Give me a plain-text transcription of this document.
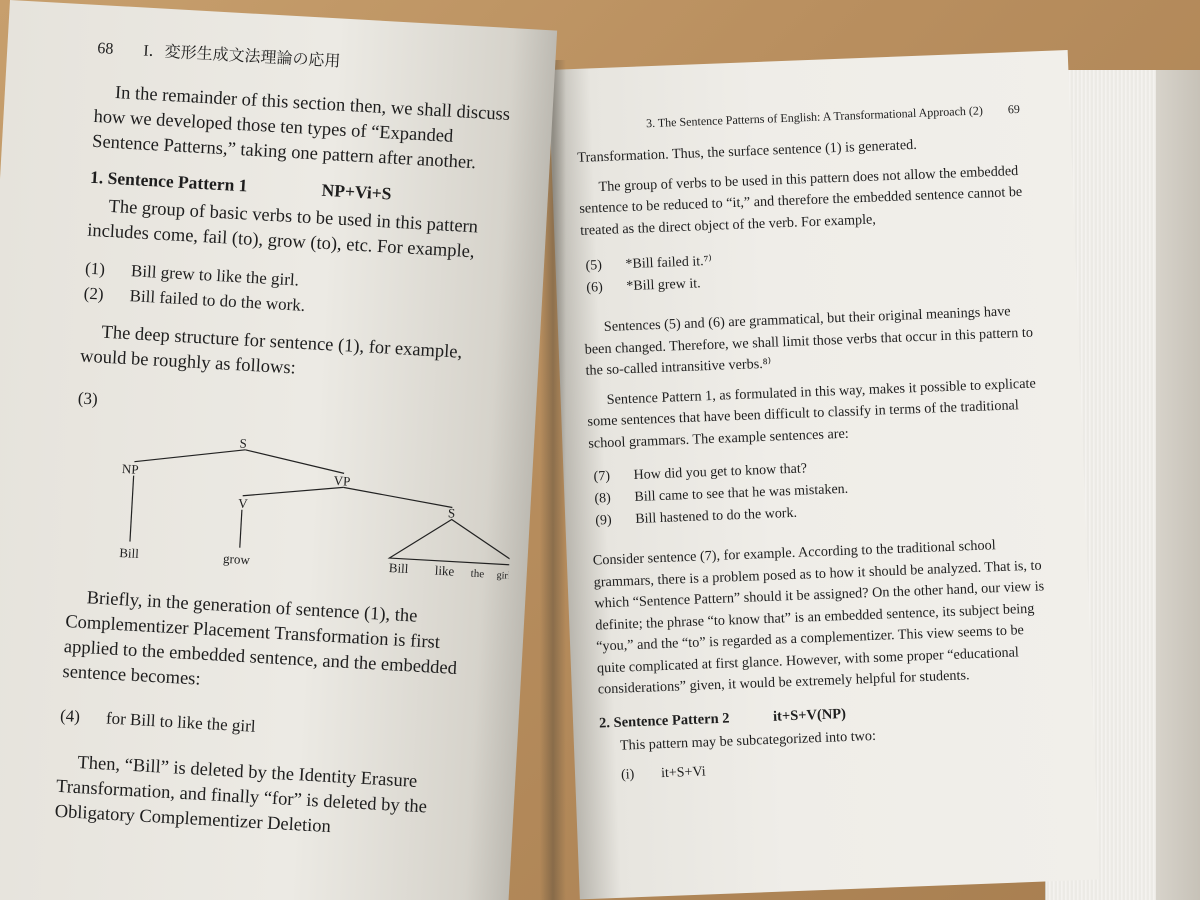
3. The Sentence Patterns of English: A Transformational Approach (2) 69

Transformation. Thus, the surface sentence (1) is generated.

The group of verbs to be used in this pattern does not allow the embedded sentence to be reduced to “it,” and therefore the embedded sentence cannot be treated as the direct object of the verb. For example,

(5) *Bill failed it.⁷⁾

(6) *Bill grew it.

Sentences (5) and (6) are grammatical, but their original meanings have been changed. Therefore, we shall limit those verbs that occur in this pattern to the so-called intransitive verbs.⁸⁾

Sentence Pattern 1, as formulated in this way, makes it possible to explicate some sentences that have been difficult to classify in terms of the traditional school grammars. The example sentences are:

(7) How did you get to know that?

(8) Bill came to see that he was mistaken.

(9) Bill hastened to do the work.

Consider sentence (7), for example. According to the traditional school grammars, there is a problem posed as to how it should be analyzed. That is, to which “Sentence Pattern” should it be assigned? On the other hand, our view is definite; the phrase “to know that” is an embedded sentence, its subject being “you,” and the “to” is regarded as a complementizer. This view seems to be quite complicated at first glance. However, with some proper “educational considerations” given, it would be extremely helpful for students.

2. Sentence Pattern 2	it+S+V(NP)

This pattern may be subcategorized into two:

(i) it+S+Vi

68 I．変形生成文法理論の応用

In the remainder of this section then, we shall discuss how we developed those ten types of “Expanded Sentence Patterns,” taking one pattern after another.

1. Sentence Pattern 1	NP+Vi+S

The group of basic verbs to be used in this pattern includes come, fail (to), grow (to), etc. For example,

(1) Bill grew to like the girl.

(2) Bill failed to do the work.

The deep structure for sentence (1), for example, would be roughly as follows:

(3)

S
NP
VP
V
S
Bill	grow
Bill like the girl

Briefly, in the generation of sentence (1), the Complementizer Placement Transformation is first applied to the embedded sentence, and the embedded sentence becomes:

(4) for Bill to like the girl

Then, “Bill” is deleted by the Identity Erasure Transformation, and finally “for” is deleted by the Obligatory Complementizer Deletion
